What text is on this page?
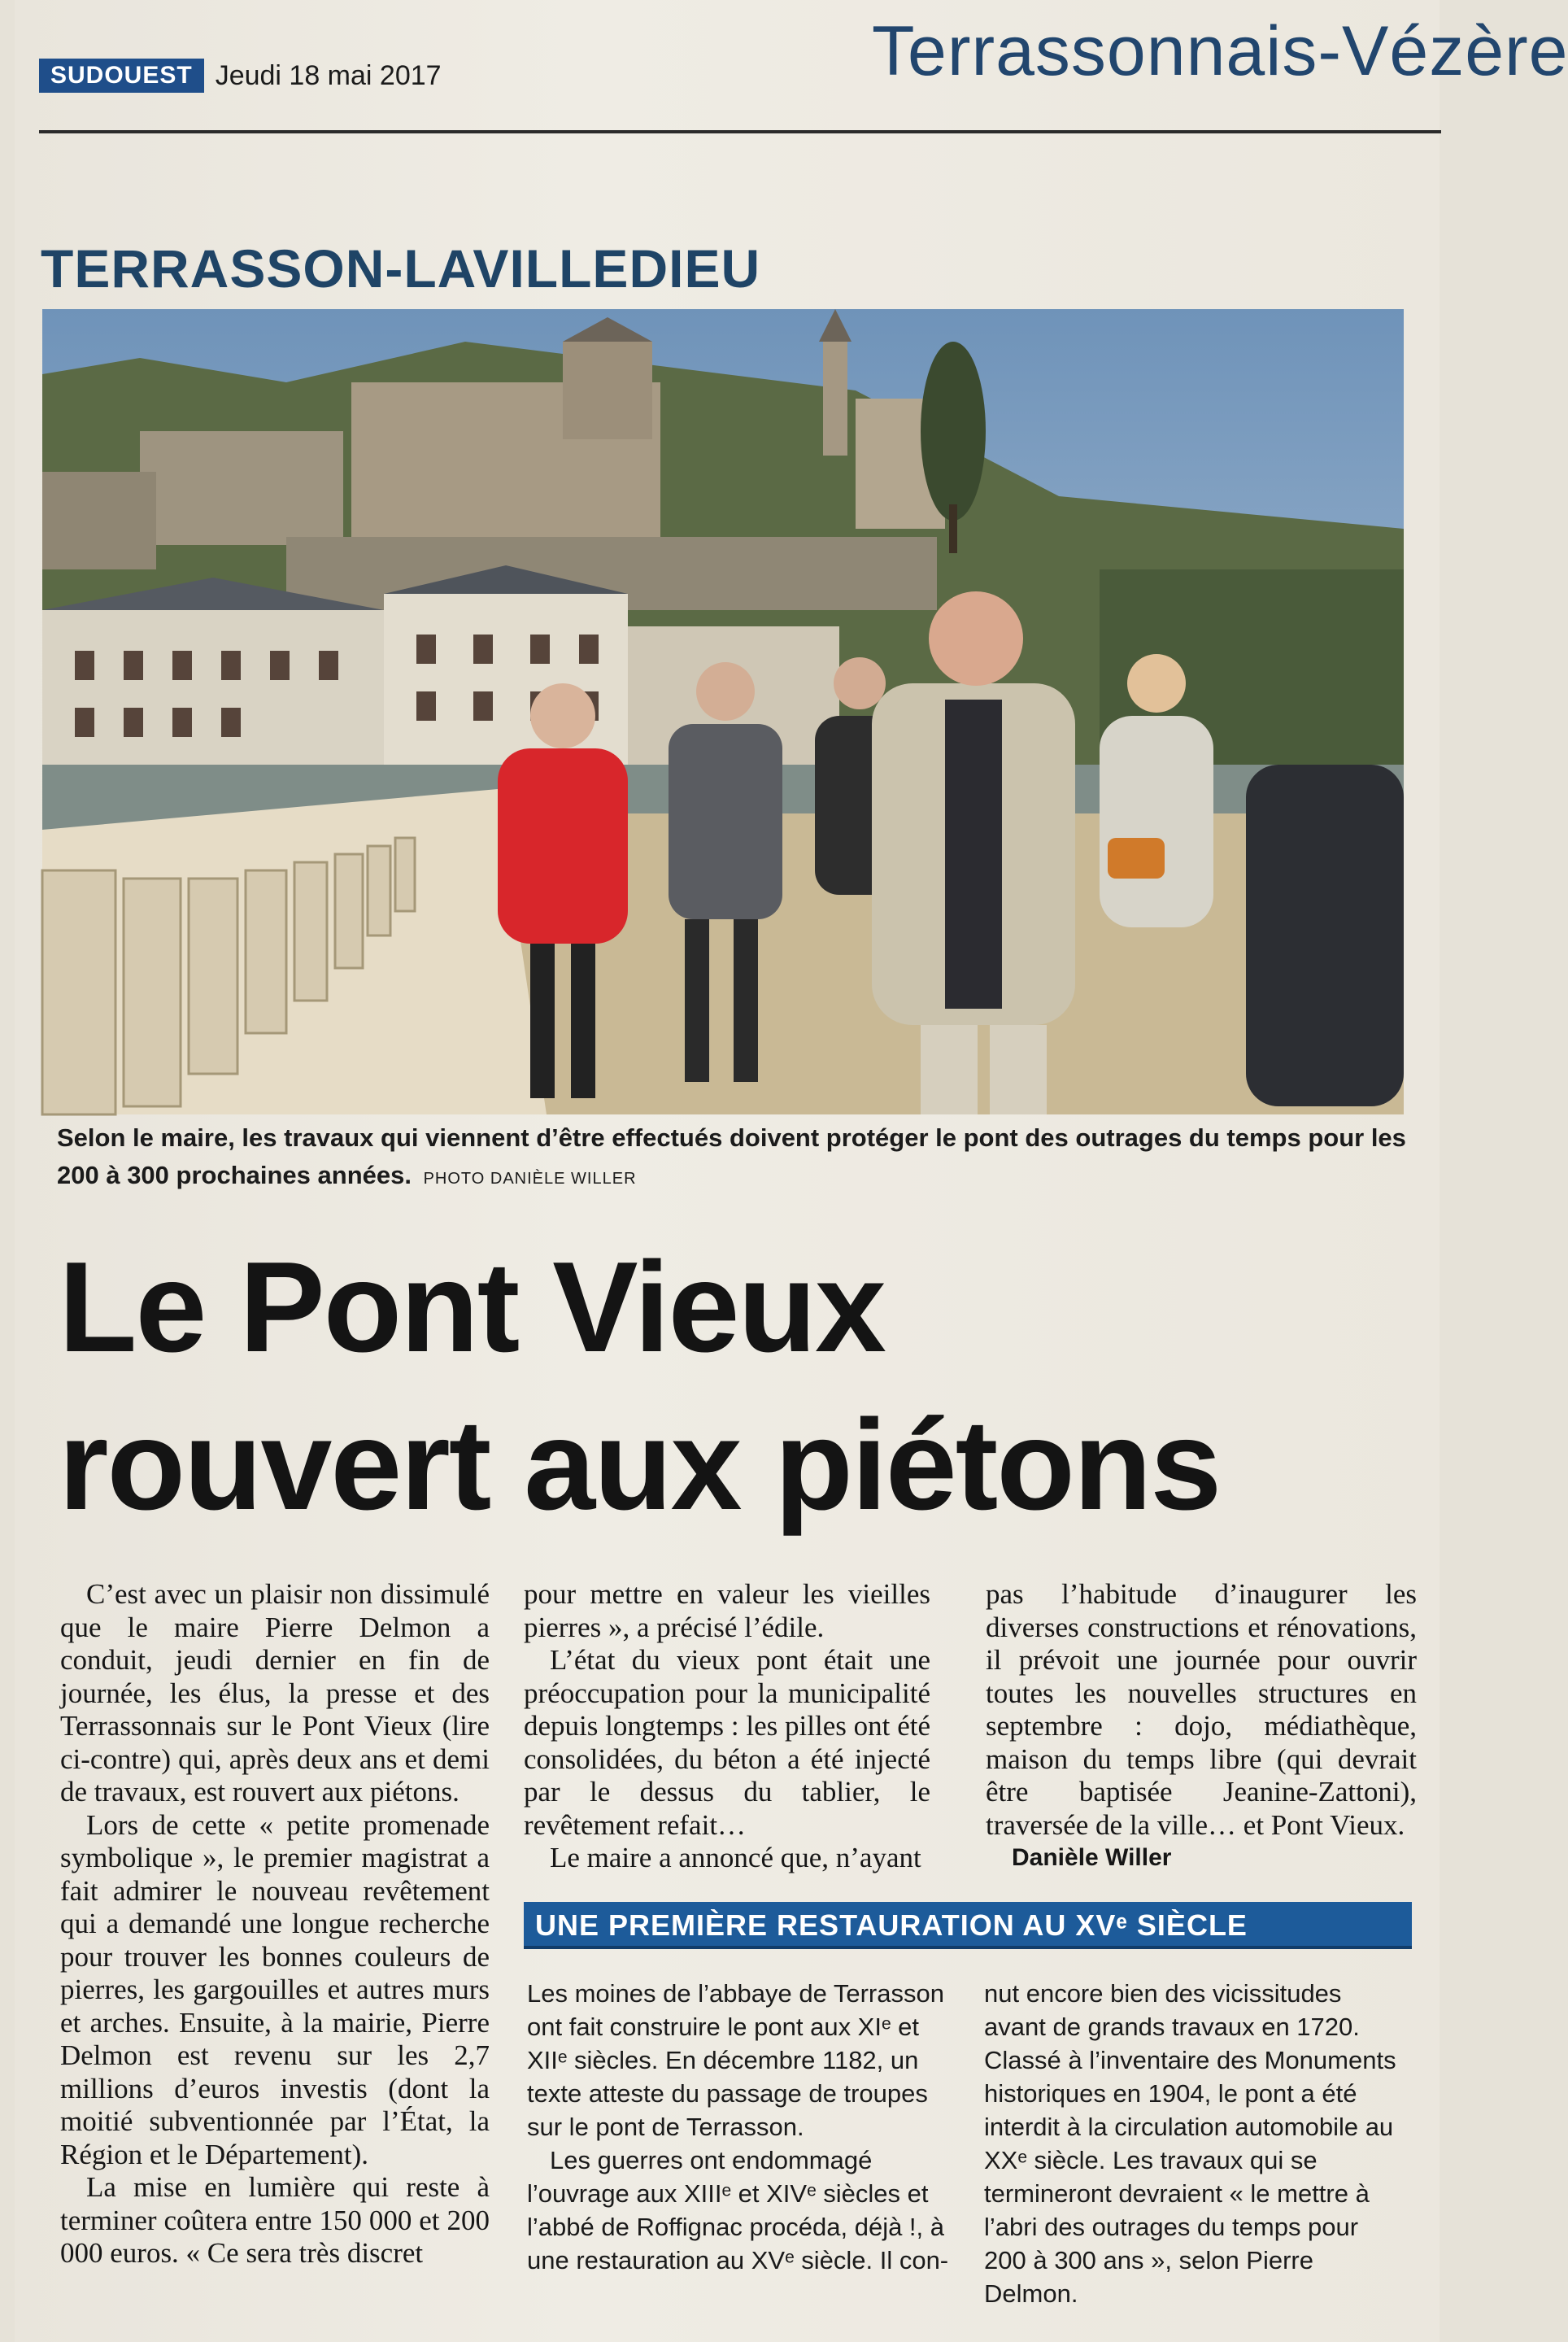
SUDOUEST Jeudi 18 mai 2017	Terrassonnais-Vézère
TERRASSON-LAVILLEDIEU
Selon le maire, les travaux qui viennent d’être effectués doivent protéger le pont des outrages du temps pour les 200 à 300 prochaines années. PHOTO DANIÈLE WILLER
Le Pont Vieux
rouvert aux piétons

C’est avec un plaisir non dissimulé que le maire Pierre Delmon a conduit, jeudi dernier en fin de journée, les élus, la presse et des Terrassonnais sur le Pont Vieux (lire ci-contre) qui, après deux ans et demi de travaux, est rouvert aux piétons.

Lors de cette « petite promenade symbolique », le premier magistrat a fait admirer le nouveau revêtement qui a demandé une longue recherche pour trouver les bonnes couleurs de pierres, les gargouilles et autres murs et arches. Ensuite, à la mairie, Pierre Delmon est revenu sur les 2,7 millions d’euros investis (dont la moitié subventionnée par l’État, la Région et le Département).

La mise en lumière qui reste à terminer coûtera entre 150 000 et 200 000 euros. « Ce sera très discret

pour mettre en valeur les vieilles pierres », a précisé l’édile.

L’état du vieux pont était une préoccupation pour la municipalité depuis longtemps : les pilles ont été consolidées, du béton a été injecté par le dessus du tablier, le revêtement refait…

Le maire a annoncé que, n’ayant

pas l’habitude d’inaugurer les diverses constructions et rénovations, il prévoit une journée pour ouvrir toutes les nouvelles structures en septembre : dojo, médiathèque, maison du temps libre (qui devrait être baptisée Jeanine-Zattoni), traversée de la ville… et Pont Vieux.

Danièle Willer

UNE PREMIÈRE RESTAURATION AU XVᵉ SIÈCLE

Les moines de l’abbaye de Terrasson ont fait construire le pont aux XIᵉ et XIIᵉ siècles. En décembre 1182, un texte atteste du passage de troupes sur le pont de Terrasson.

Les guerres ont endommagé l’ouvrage aux XIIIᵉ et XIVᵉ siècles et l’abbé de Roffignac procéda, déjà !, à une restauration au XVᵉ siècle. Il con-

nut encore bien des vicissitudes avant de grands travaux en 1720. Classé à l’inventaire des Monuments historiques en 1904, le pont a été interdit à la circulation automobile au XXᵉ siècle. Les travaux qui se termineront devraient « le mettre à l’abri des outrages du temps pour 200 à 300 ans », selon Pierre Delmon.
